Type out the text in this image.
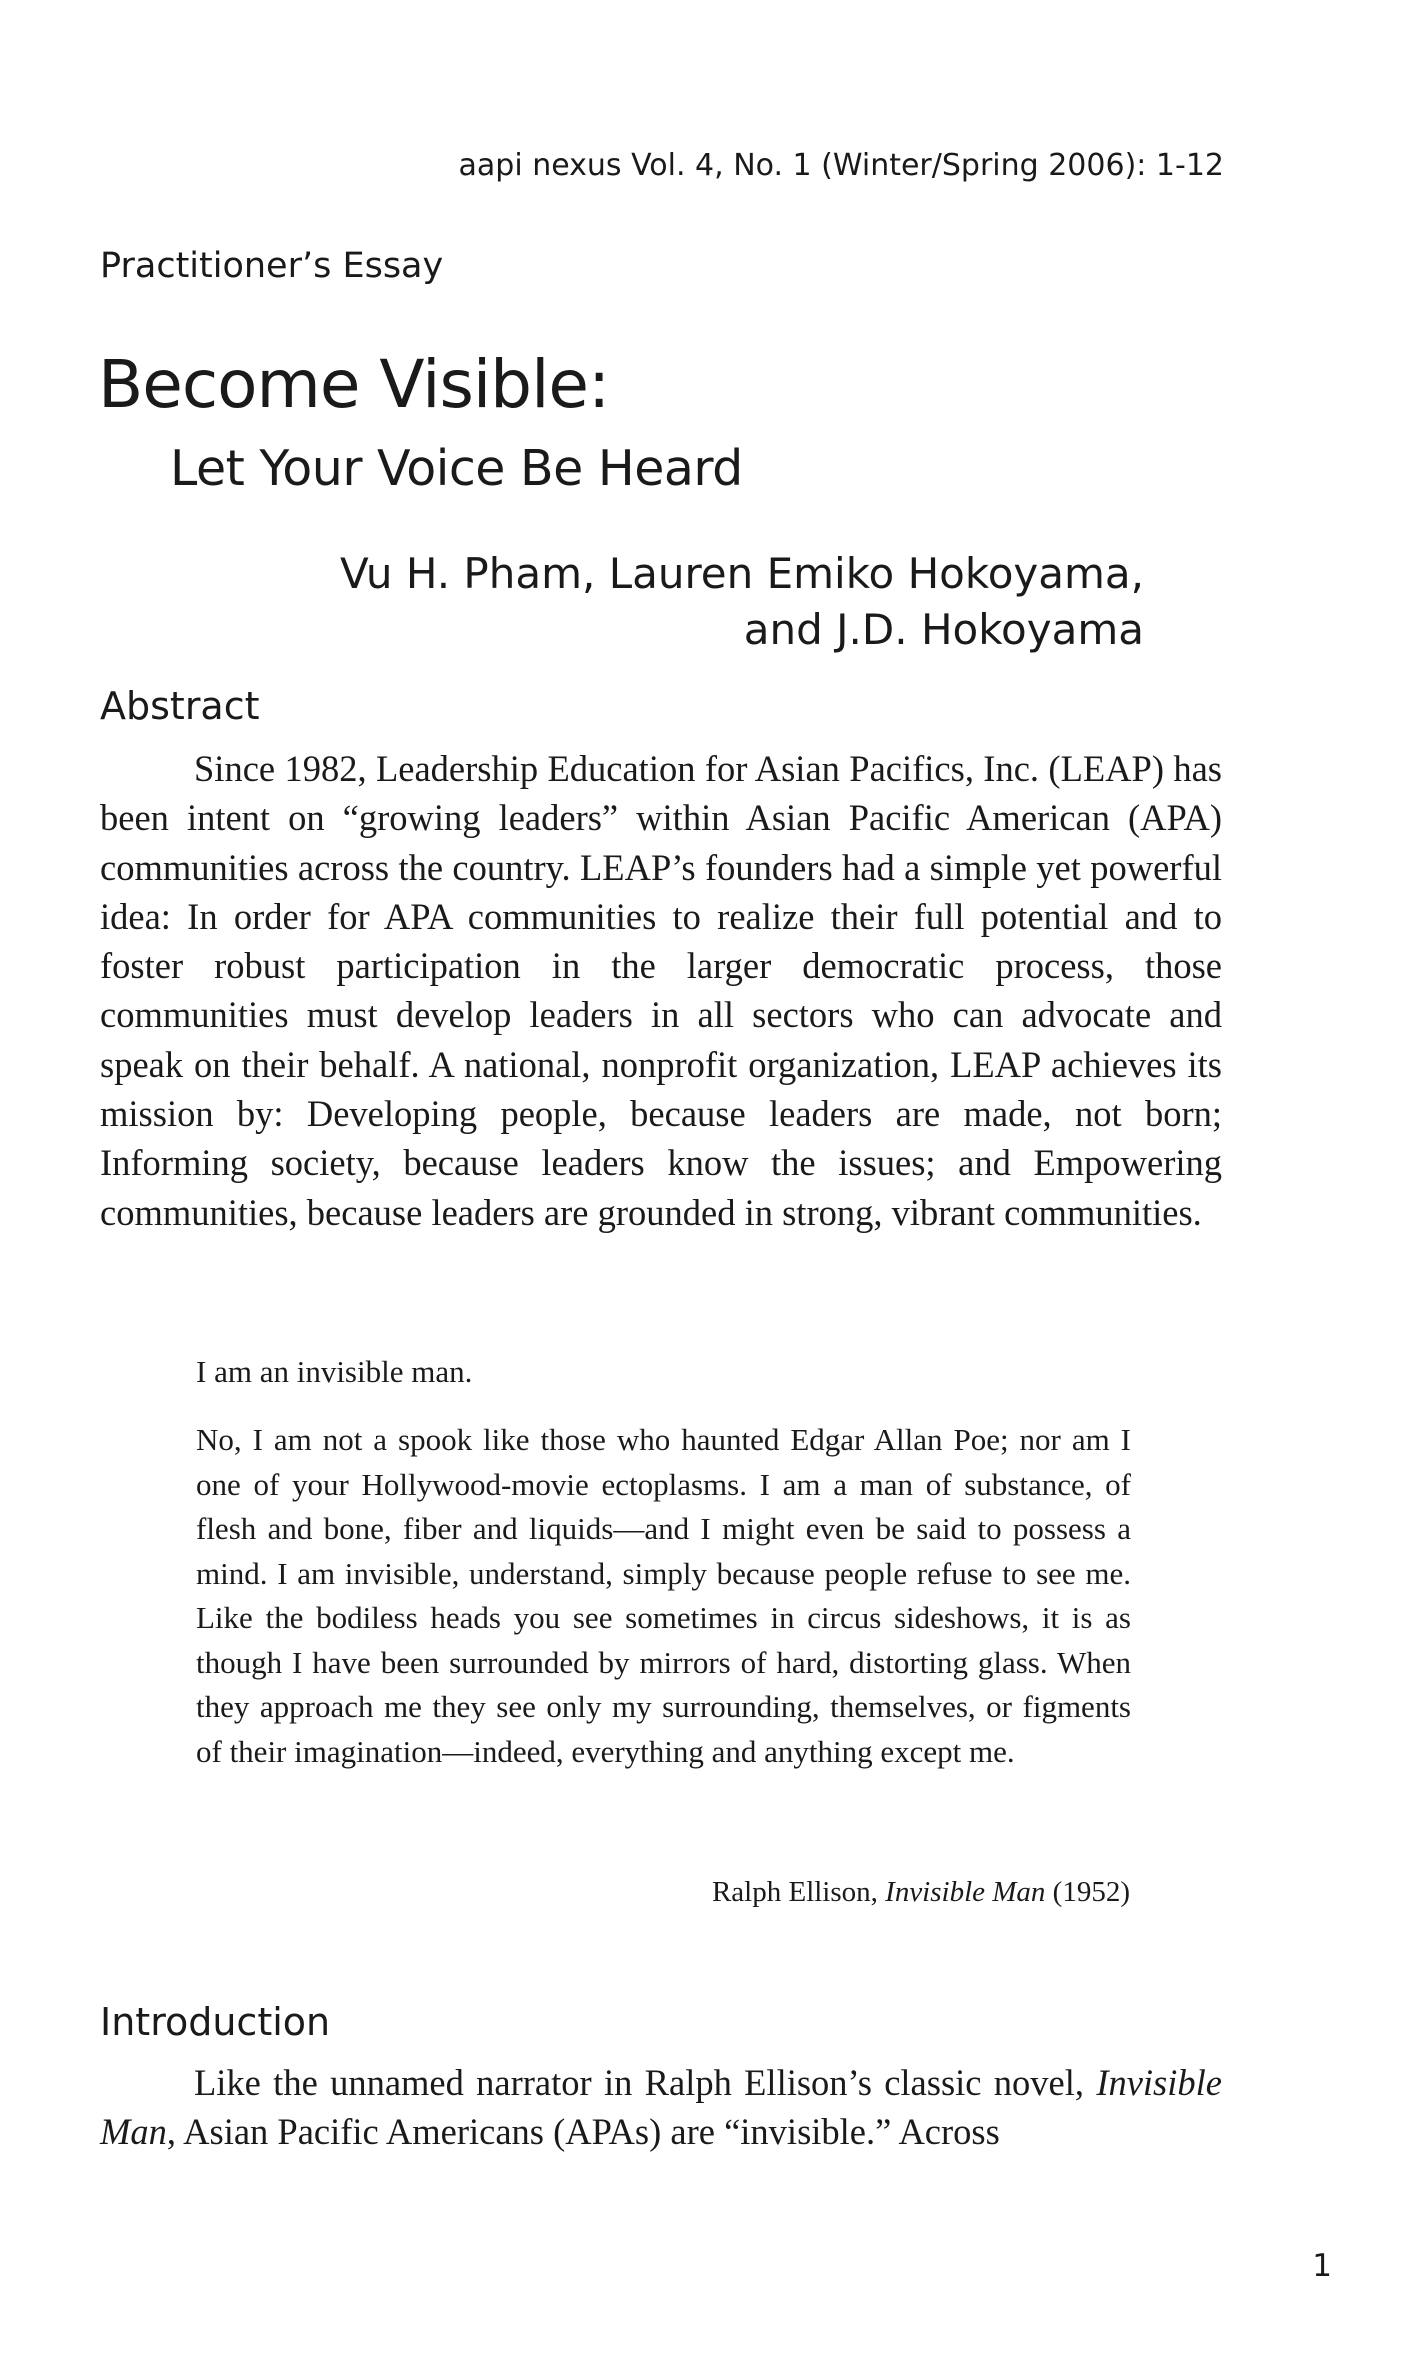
aapi nexus Vol. 4, No. 1 (Winter/Spring 2006): 1-12
Practitioner’s Essay
Become Visible:
Let Your Voice Be Heard
Vu H. Pham, Lauren Emiko Hokoyama,
and J.D. Hokoyama
Abstract

Since 1982, Leadership Education for Asian Pacifics, Inc. (LEAP) has been intent on “growing leaders” within Asian Pacific American (APA) communities across the country. LEAP’s founders had a simple yet powerful idea: In order for APA communities to realize their full potential and to foster robust participation in the larger democratic process, those communities must develop leaders in all sectors who can advocate and speak on their behalf. A national, nonprofit organization, LEAP achieves its mission by: Developing people, because leaders are made, not born; Informing society, because leaders know the issues; and Empowering communities, because leaders are grounded in strong, vibrant communities.

I am an invisible man.

No, I am not a spook like those who haunted Edgar Allan Poe; nor am I one of your Hollywood-movie ectoplasms. I am a man of substance, of flesh and bone, fiber and liquids—and I might even be said to possess a mind. I am invisible, understand, simply because people refuse to see me. Like the bodiless heads you see sometimes in circus sideshows, it is as though I have been surrounded by mirrors of hard, distorting glass. When they approach me they see only my surrounding, themselves, or figments of their imagination—indeed, everything and anything except me.

Ralph Ellison, Invisible Man (1952)

Introduction

Like the unnamed narrator in Ralph Ellison’s classic novel, Invisible Man, Asian Pacific Americans (APAs) are “invisible.” Across

1
